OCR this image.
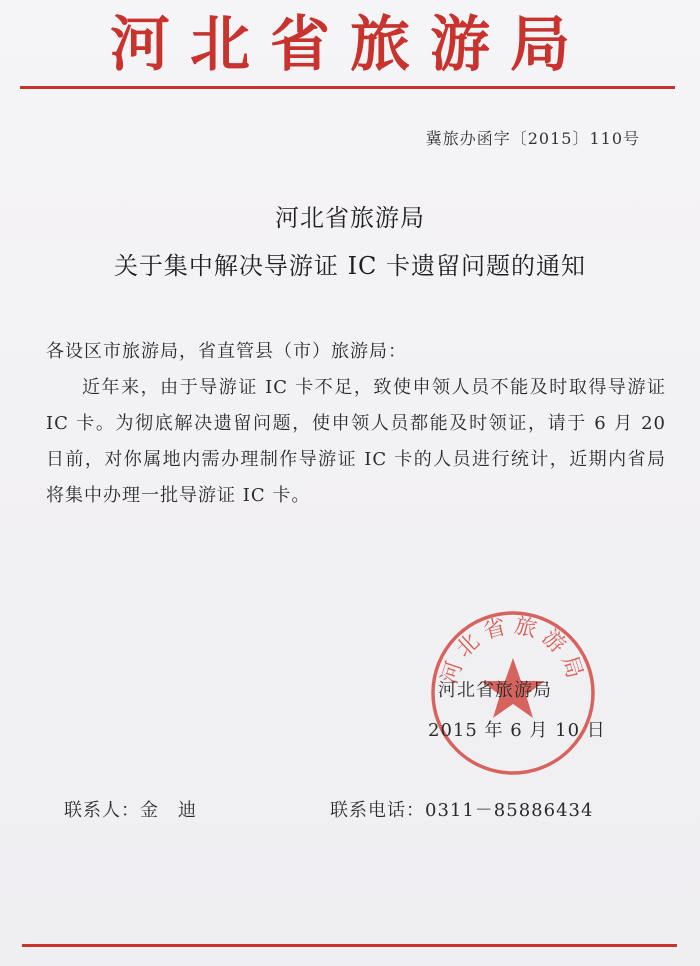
河北省旅游局
冀旅办函字〔2015〕110号
河北省旅游局
关于集中解决导游证 IC 卡遗留问题的通知
各设区市旅游局，省直管县（市）旅游局：
近年来，由于导游证 IC 卡不足，致使申领人员不能及时取得导游证 IC 卡。为彻底解决遗留问题，使申领人员都能及时领证，请于 6 月 20 日前，对你属地内需办理制作导游证 IC 卡的人员进行统计，近期内省局将集中办理一批导游证 IC 卡。
河北省旅游局
河北省旅游局
2015 年 6 月 10 日
联系人：金　迪	联系电话：0311－85886434
